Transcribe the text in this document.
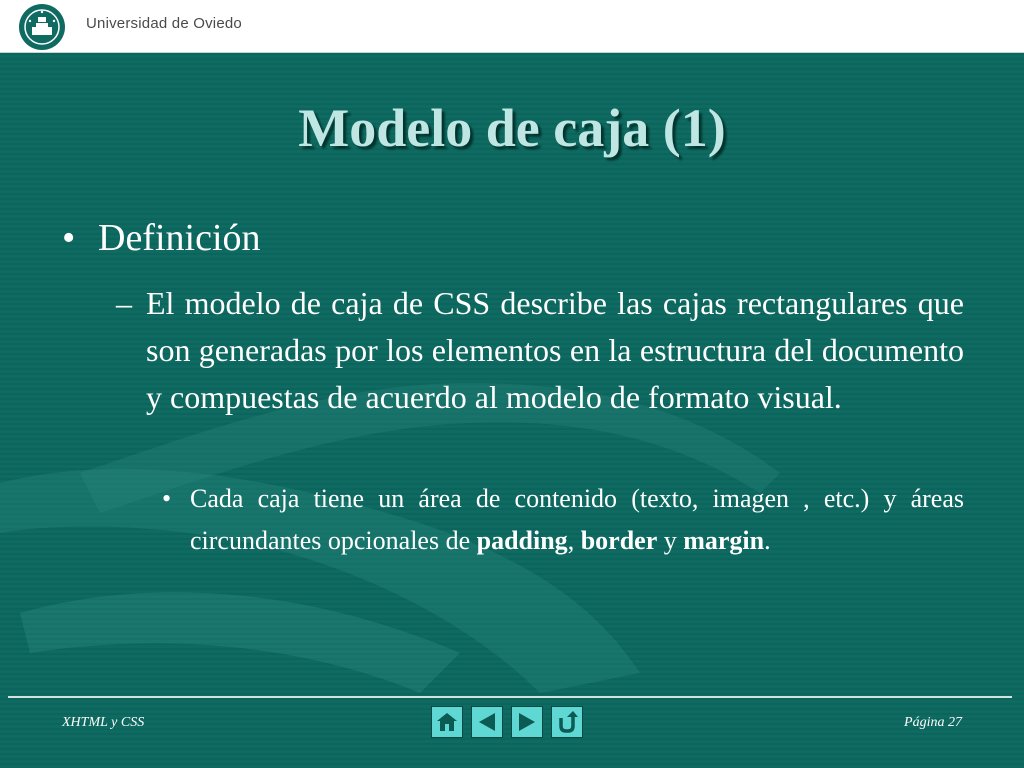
Universidad de Oviedo
Modelo de caja (1)
• Definición
– El modelo de caja de CSS describe las cajas rectangulares que son generadas por los elementos en la estructura del documento y compuestas de acuerdo al modelo de formato visual.
• Cada caja tiene un área de contenido (texto, imagen , etc.) y áreas circundantes opcionales de padding, border y margin.
XHTML y CSS	Página 27
